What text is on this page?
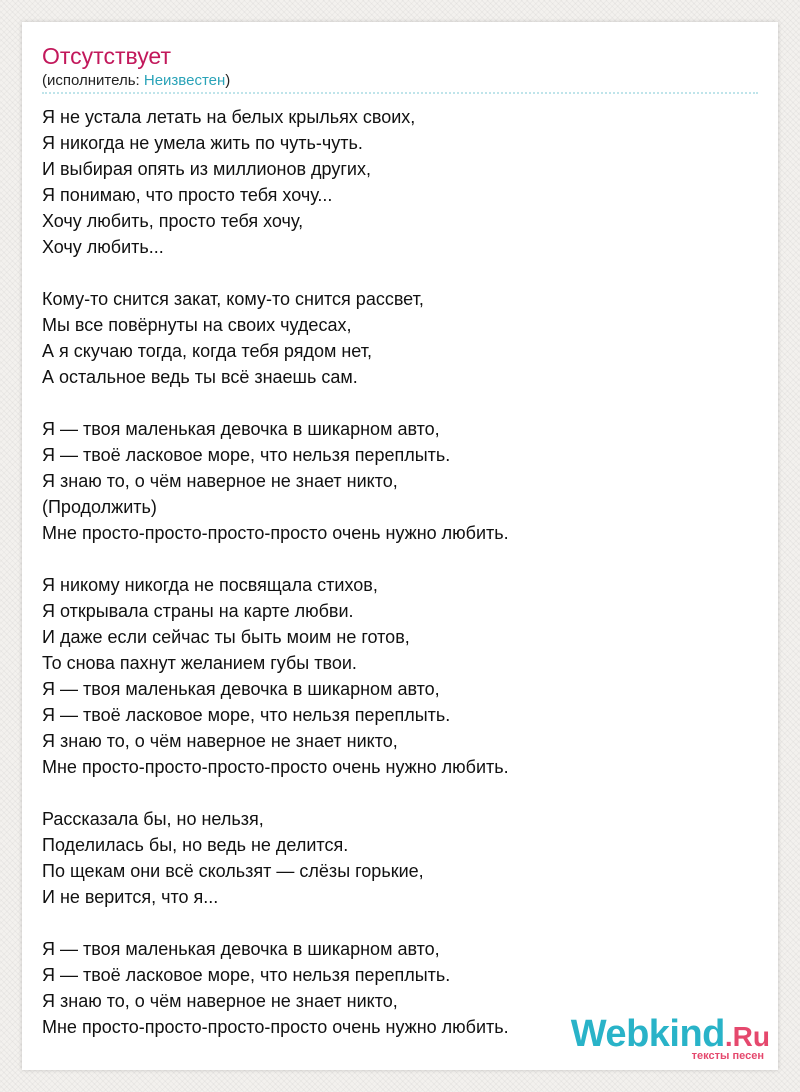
Отсутствует
(исполнитель: Неизвестен)
Я не устала летать на белых крыльях своих,
Я никогда не умела жить по чуть-чуть.
И выбирая опять из миллионов других,
Я понимаю, что просто тебя хочу...
Хочу любить, просто тебя хочу,
Хочу любить...
Кому-то снится закат, кому-то снится рассвет,
Мы все повёрнуты на своих чудесах,
А я скучаю тогда, когда тебя рядом нет,
А остальное ведь ты всё знаешь сам.
Я — твоя маленькая девочка в шикарном авто,
Я — твоё ласковое море, что нельзя переплыть.
Я знаю то, о чём наверное не знает никто,
(Продолжить)
Мне просто-просто-просто-просто очень нужно любить.
Я никому никогда не посвящала стихов,
Я открывала страны на карте любви.
И даже если сейчас ты быть моим не готов,
То снова пахнут желанием губы твои.
Я — твоя маленькая девочка в шикарном авто,
Я — твоё ласковое море, что нельзя переплыть.
Я знаю то, о чём наверное не знает никто,
Мне просто-просто-просто-просто очень нужно любить.
Рассказала бы, но нельзя,
Поделилась бы, но ведь не делится.
По щекам они всё скользят — слёзы горькие,
И не верится, что я...
Я — твоя маленькая девочка в шикарном авто,
Я — твоё ласковое море, что нельзя переплыть.
Я знаю то, о чём наверное не знает никто,
Мне просто-просто-просто-просто очень нужно любить.	Webkind.Ru
тексты песен
